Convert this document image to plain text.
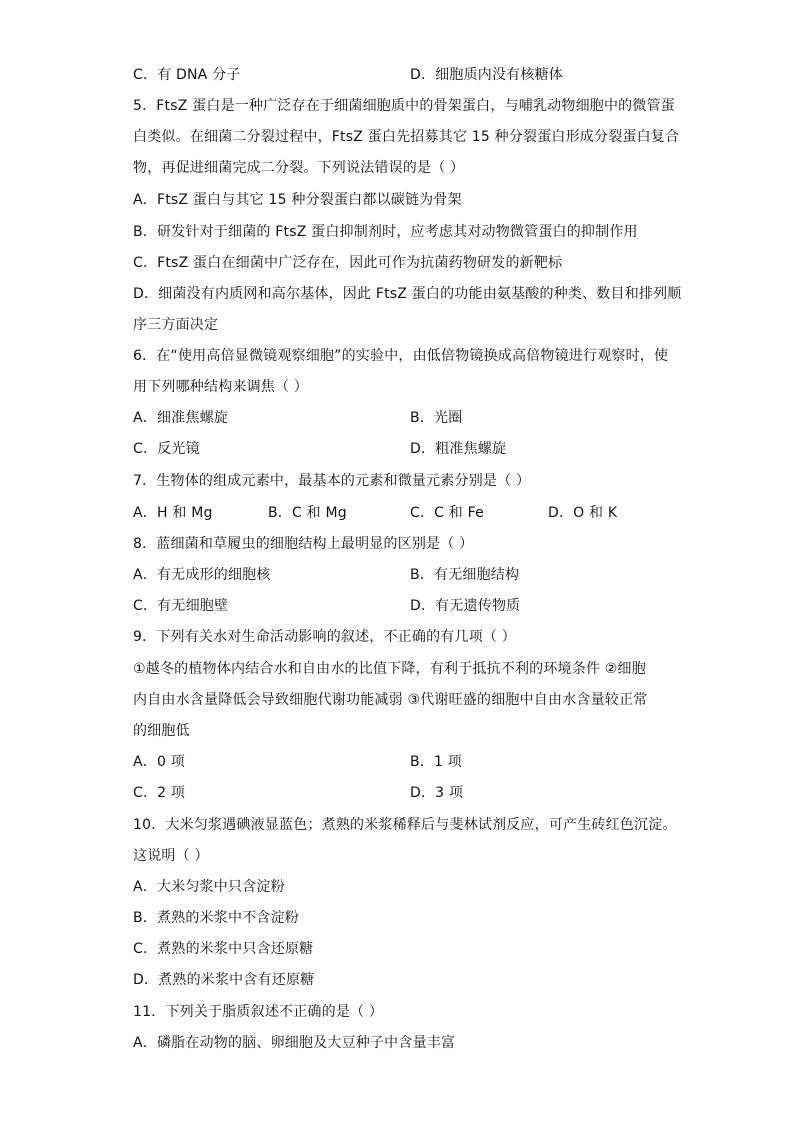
C．有 DNA 分子	D．细胞质内没有核糖体
5．FtsZ 蛋白是一种广泛存在于细菌细胞质中的骨架蛋白，与哺乳动物细胞中的微管蛋
白类似。在细菌二分裂过程中，FtsZ 蛋白先招募其它 15 种分裂蛋白形成分裂蛋白复合
物，再促进细菌完成二分裂。下列说法错误的是（ ）
A．FtsZ 蛋白与其它 15 种分裂蛋白都以碳链为骨架
B．研发针对于细菌的 FtsZ 蛋白抑制剂时，应考虑其对动物微管蛋白的抑制作用
C．FtsZ 蛋白在细菌中广泛存在，因此可作为抗菌药物研发的新靶标
D．细菌没有内质网和高尔基体，因此 FtsZ 蛋白的功能由氨基酸的种类、数目和排列顺
序三方面决定
6．在“使用高倍显微镜观察细胞”的实验中，由低倍物镜换成高倍物镜进行观察时，使
用下列哪种结构来调焦（ ）
A．细准焦螺旋	B．光圈
C．反光镜	D．粗准焦螺旋
7．生物体的组成元素中，最基本的元素和微量元素分别是（ ）
A．H 和 Mg	B．C 和 Mg	C．C 和 Fe	D．O 和 K
8．蓝细菌和草履虫的细胞结构上最明显的区别是（ ）
A．有无成形的细胞核	B．有无细胞结构
C．有无细胞壁	D．有无遗传物质
9．下列有关水对生命活动影响的叙述，不正确的有几项（ ）
①越冬的植物体内结合水和自由水的比值下降，有利于抵抗不利的环境条件 ②细胞
内自由水含量降低会导致细胞代谢功能减弱 ③代谢旺盛的细胞中自由水含量较正常
的细胞低
A．0 项	B．1 项
C．2 项	D．3 项
10．大米匀浆遇碘液显蓝色；煮熟的米浆稀释后与斐林试剂反应，可产生砖红色沉淀。
这说明（ ）
A．大米匀浆中只含淀粉
B．煮熟的米浆中不含淀粉
C．煮熟的米浆中只含还原糖
D．煮熟的米浆中含有还原糖
11．下列关于脂质叙述不正确的是（ ）
A．磷脂在动物的脑、卵细胞及大豆种子中含量丰富
